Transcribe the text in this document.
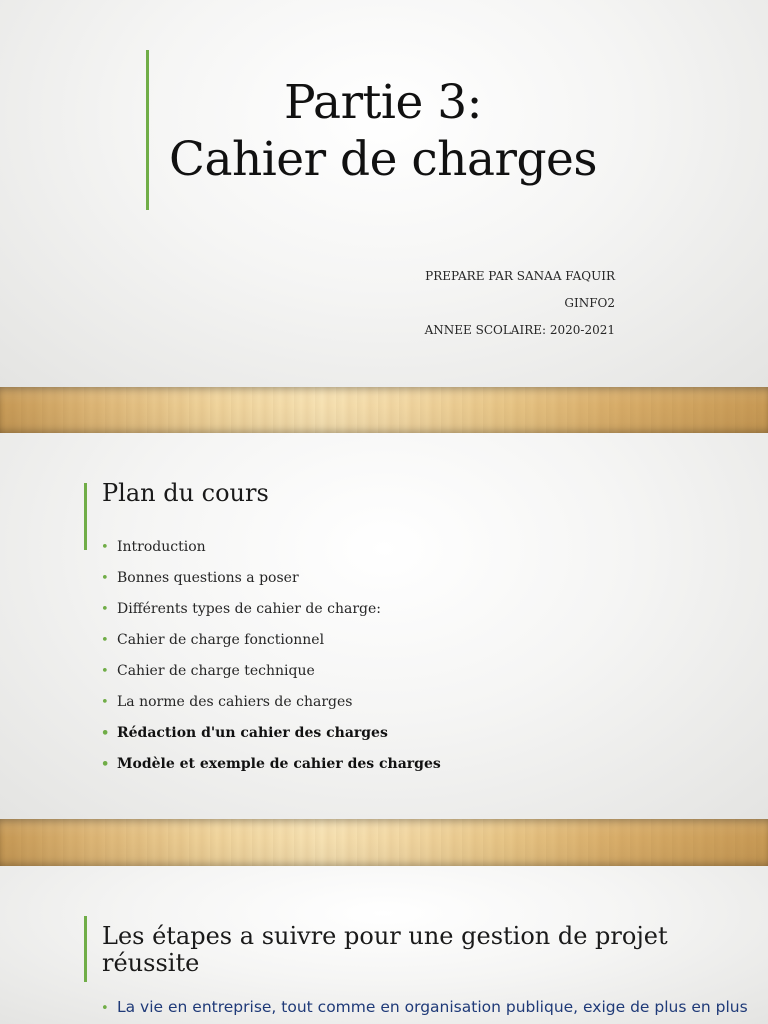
Partie 3:
Cahier de charges
PREPARE PAR SANAA FAQUIR
GINFO2
ANNEE SCOLAIRE: 2020-2021
Plan du cours
• Introduction
• Bonnes questions a poser
• Différents types de cahier de charge:
• Cahier de charge fonctionnel
• Cahier de charge technique
• La norme des cahiers de charges
• Rédaction d'un cahier des charges
• Modèle et exemple de cahier des charges
Les étapes a suivre pour une gestion de projet
réussite
• La vie en entreprise, tout comme en organisation publique, exige de plus en plus
